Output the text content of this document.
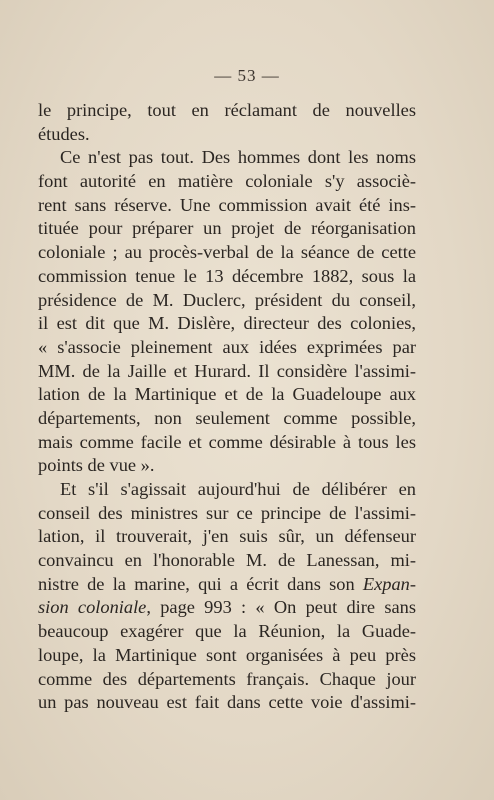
— 53 —
le principe, tout en réclamant de nouvelles
études.
Ce n'est pas tout. Des hommes dont les noms
font autorité en matière coloniale s'y associè-
rent sans réserve. Une commission avait été ins-
tituée pour préparer un projet de réorganisation
coloniale ; au procès-verbal de la séance de cette
commission tenue le 13 décembre 1882, sous la
présidence de M. Duclerc, président du conseil,
il est dit que M. Dislère, directeur des colonies,
« s'associe pleinement aux idées exprimées par
MM. de la Jaille et Hurard. Il considère l'assimi-
lation de la Martinique et de la Guadeloupe aux
départements, non seulement comme possible,
mais comme facile et comme désirable à tous les
points de vue ».
Et s'il s'agissait aujourd'hui de délibérer en
conseil des ministres sur ce principe de l'assimi-
lation, il trouverait, j'en suis sûr, un défenseur
convaincu en l'honorable M. de Lanessan, mi-
nistre de la marine, qui a écrit dans son Expan-
sion coloniale, page 993 : « On peut dire sans
beaucoup exagérer que la Réunion, la Guade-
loupe, la Martinique sont organisées à peu près
comme des départements français. Chaque jour
un pas nouveau est fait dans cette voie d'assimi-
